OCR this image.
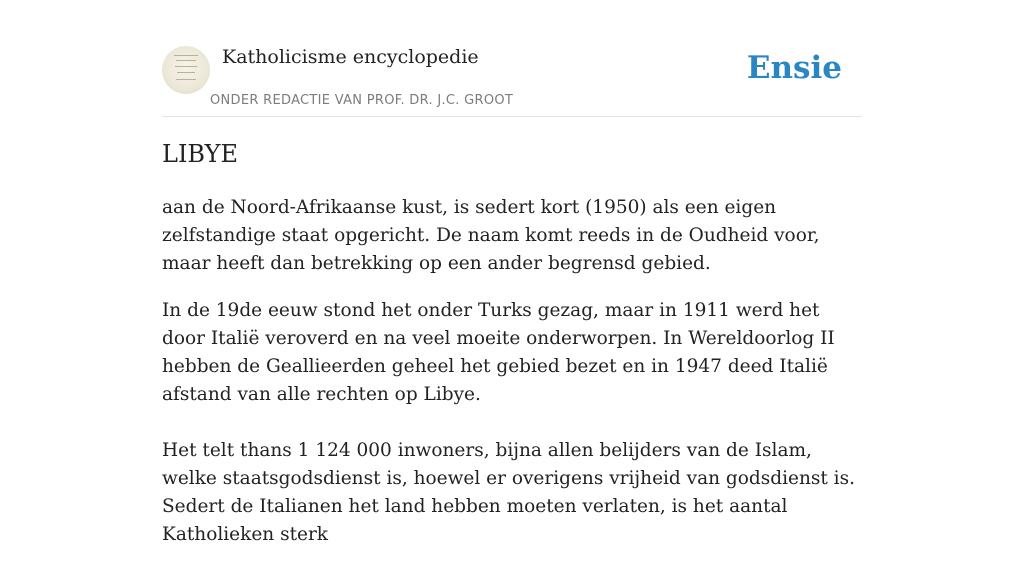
Katholicisme encyclopedie
ONDER REDACTIE VAN PROF. DR. J.C. GROOT
Ensie
LIBYE

aan de Noord-Afrikaanse kust, is sedert kort (1950) als een eigen zelfstandige staat opgericht. De naam komt reeds in de Oudheid voor, maar heeft dan betrekking op een ander begrensd gebied.

In de 19de eeuw stond het onder Turks gezag, maar in 1911 werd het door Italië veroverd en na veel moeite onderworpen. In Wereldoorlog II hebben de Geallieerden geheel het gebied bezet en in 1947 deed Italië afstand van alle rechten op Libye.

Het telt thans 1 124 000 inwoners, bijna allen belijders van de Islam, welke staatsgodsdienst is, hoewel er overigens vrijheid van godsdienst is. Sedert de Italianen het land hebben moeten verlaten, is het aantal Katholieken sterk
